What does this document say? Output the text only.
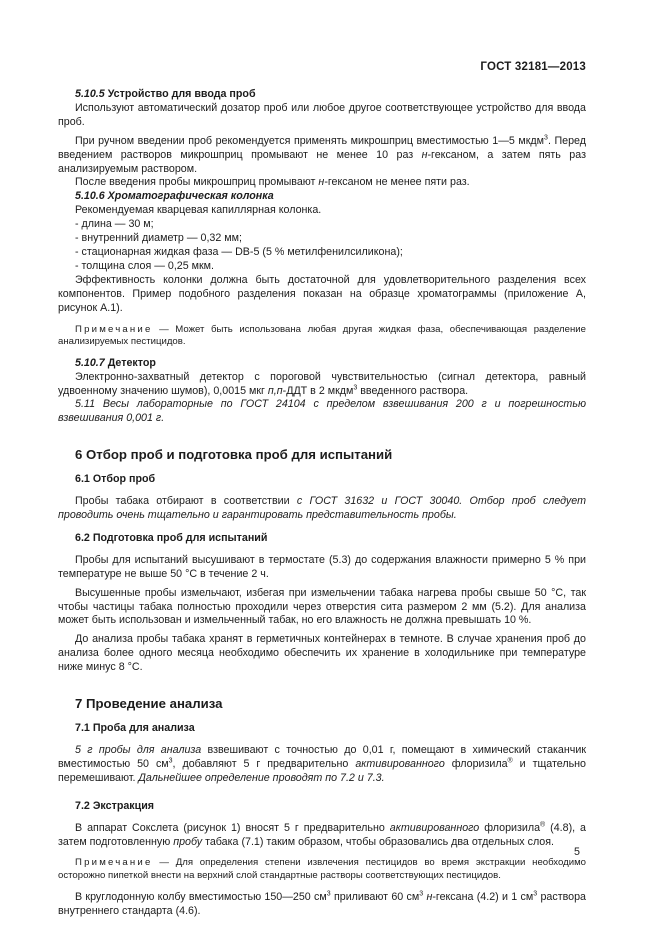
ГОСТ 32181—2013

5.10.5 Устройство для ввода проб

Используют автоматический дозатор проб или любое другое соответствующее устройство для ввода проб.

При ручном введении проб рекомендуется применять микрошприц вместимостью 1—5 мкдм$^3$. Перед введением растворов микрошприц промывают не менее 10 раз н-гексаном, а затем пять раз анализируемым раствором.

После введения пробы микрошприц промывают н-гексаном не менее пяти раз.

5.10.6 Хроматографическая колонка

Рекомендуемая кварцевая капиллярная колонка.

- длина — 30 м;

- внутренний диаметр — 0,32 мм;

- стационарная жидкая фаза — DB-5 (5 % метилфенилсиликона);

- толщина слоя — 0,25 мкм.

Эффективность колонки должна быть достаточной для удовлетворительного разделения всех компонентов. Пример подобного разделения показан на образце хроматограммы (приложение А, рисунок А.1).

Примечание — Может быть использована любая другая жидкая фаза, обеспечивающая разделение анализируемых пестицидов.

5.10.7 Детектор

Электронно-захватный детектор с пороговой чувствительностью (сигнал детектора, равный удвоенному значению шумов), 0,0015 мкг п,п-ДДТ в 2 мкдм$^3$ введенного раствора.

5.11 Весы лабораторные по ГОСТ 24104 с пределом взвешивания 200 г и погрешностью взвешивания 0,001 г.

6 Отбор проб и подготовка проб для испытаний
6.1 Отбор проб

Пробы табака отбирают в соответствии с ГОСТ 31632 и ГОСТ 30040. Отбор проб следует проводить очень тщательно и гарантировать представительность пробы.

6.2 Подготовка проб для испытаний

Пробы для испытаний высушивают в термостате (5.3) до содержания влажности примерно 5 % при температуре не выше 50 °С в течение 2 ч.

Высушенные пробы измельчают, избегая при измельчении табака нагрева пробы свыше 50 °С, так чтобы частицы табака полностью проходили через отверстия сита размером 2 мм (5.2). Для анализа может быть использован и измельченный табак, но его влажность не должна превышать 10 %.

До анализа пробы табака хранят в герметичных контейнерах в темноте. В случае хранения проб до анализа более одного месяца необходимо обеспечить их хранение в холодильнике при температуре ниже минус 8 °С.

7 Проведение анализа
7.1 Проба для анализа

5 г пробы для анализа взвешивают с точностью до 0,01 г, помещают в химический стаканчик вместимостью 50 $см^3$, добавляют 5 г предварительно активированного флоризила® и тщательно перемешивают. Дальнейшее определение проводят по 7.2 и 7.3.

7.2 Экстракция

В аппарат Сокслета (рисунок 1) вносят 5 г предварительно активированного флоризила® (4.8), а затем подготовленную пробу табака (7.1) таким образом, чтобы образовались два отдельных слоя.

Примечание — Для определения степени извлечения пестицидов во время экстракции необходимо осторожно пипеткой внести на верхний слой стандартные растворы соответствующих пестицидов.

В круглодонную колбу вместимостью 150—250 $см^3$ приливают 60 $см^3$ н-гексана (4.2) и 1 $см^3$ раствора внутреннего стандарта (4.6).

5
